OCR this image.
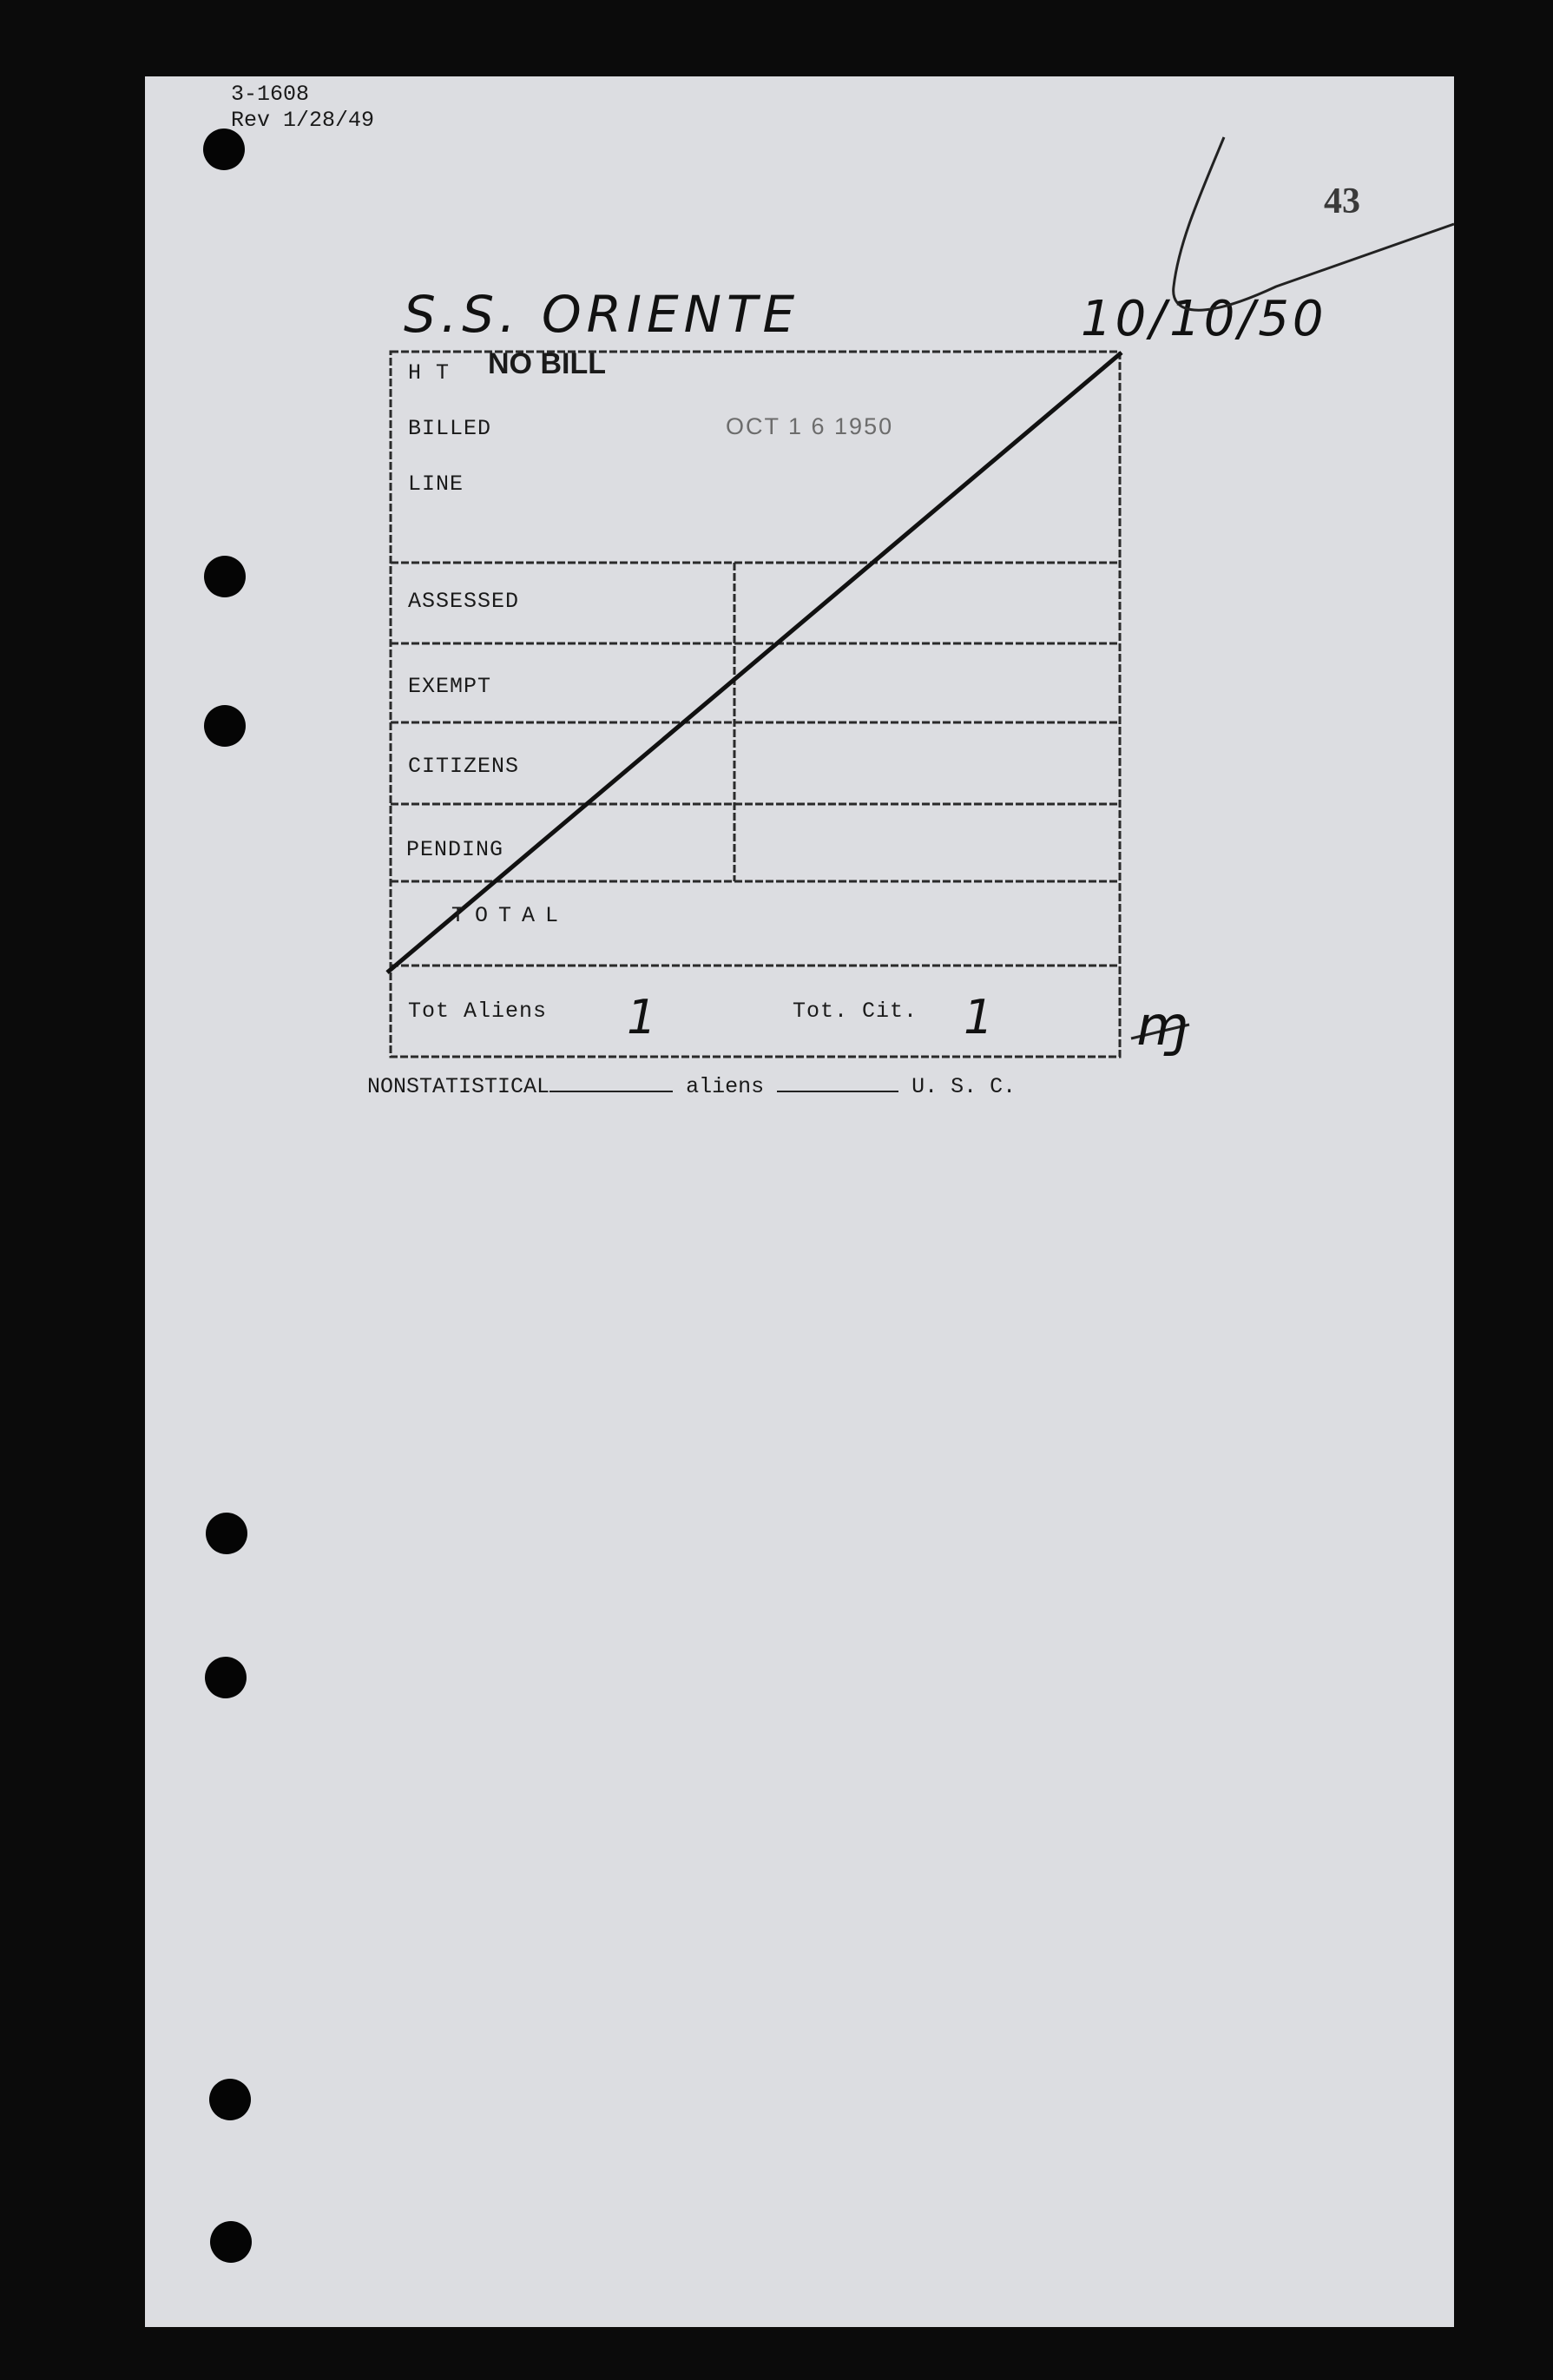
3-1608
Rev 1/28/49
43
S.S. ORIENTE	10/10/50
NO BILL
OCT 1 6 1950
H T
BILLED
LINE
ASSESSED
EXEMPT
CITIZENS
PENDING
TOTAL
Tot Aliens 1	Tot. Cit. 1	ɱ
NONSTATISTICAL	aliens	U. S. C.
